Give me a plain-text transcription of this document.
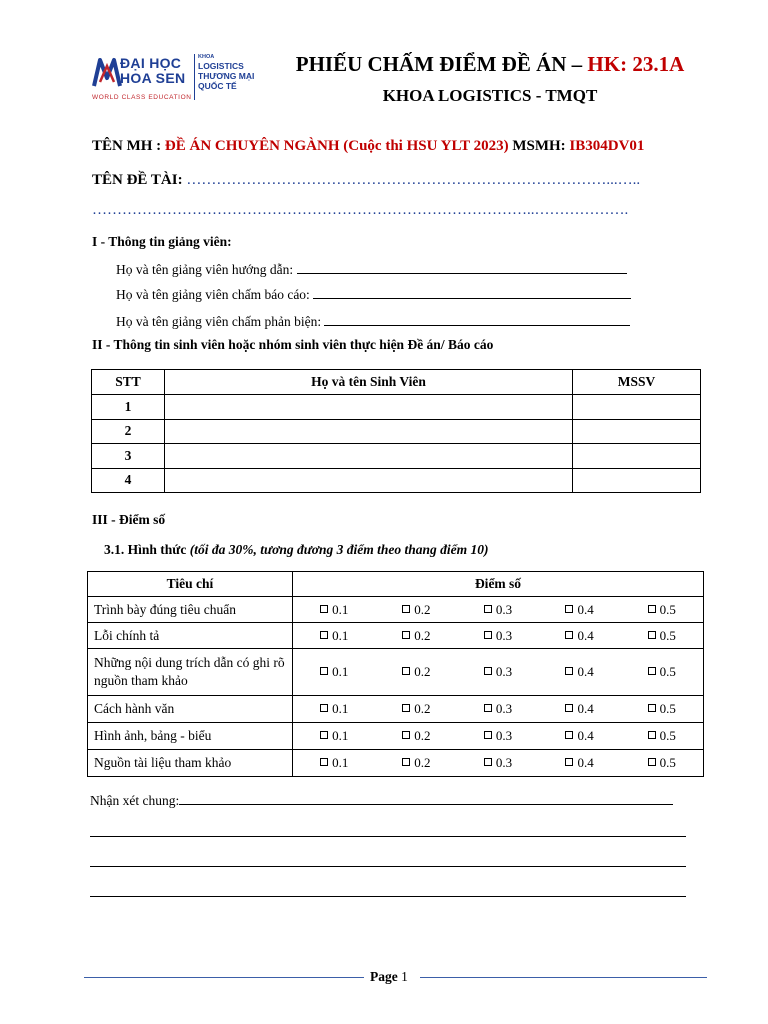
ĐẠI HỌC
HOA SEN
WORLD CLASS EDUCATION
KHOA
LOGISTICS
THƯƠNG MẠI
QUỐC TẾ
PHIẾU CHẤM ĐIỂM ĐỀ ÁN – HK: 23.1A
KHOA LOGISTICS - TMQT
TÊN MH : ĐỀ ÁN CHUYÊN NGÀNH (Cuộc thi HSU YLT 2023) MSMH: IB304DV01
TÊN ĐỀ TÀI: …………………………………………………………………………...…..
……………………………………………………………………………..……………….
I - Thông tin giảng viên:
Họ và tên giảng viên hướng dẫn:
Họ và tên giảng viên chấm báo cáo:
Họ và tên giảng viên chấm phản biện:
II - Thông tin sinh viên hoặc nhóm sinh viên thực hiện Đề án/ Báo cáo
STT	Họ và tên Sinh Viên	MSSV
1		
2		
3		
4		
III - Điểm số
3.1. Hình thức (tối đa 30%, tương đương 3 điểm theo thang điểm 10)
Tiêu chí	Điểm số				
Trình bày đúng tiêu chuẩn	0.1	0.2	0.3	0.4	0.5
Lỗi chính tả	0.1	0.2	0.3	0.4	0.5
Những nội dung trích dẫn có ghi rõ nguồn tham khảo	0.1	0.2	0.3	0.4	0.5
Cách hành văn	0.1	0.2	0.3	0.4	0.5
Hình ảnh, bảng - biểu	0.1	0.2	0.3	0.4	0.5
Nguồn tài liệu tham khảo	0.1	0.2	0.3	0.4	0.5
Nhận xét chung:
Page 1
